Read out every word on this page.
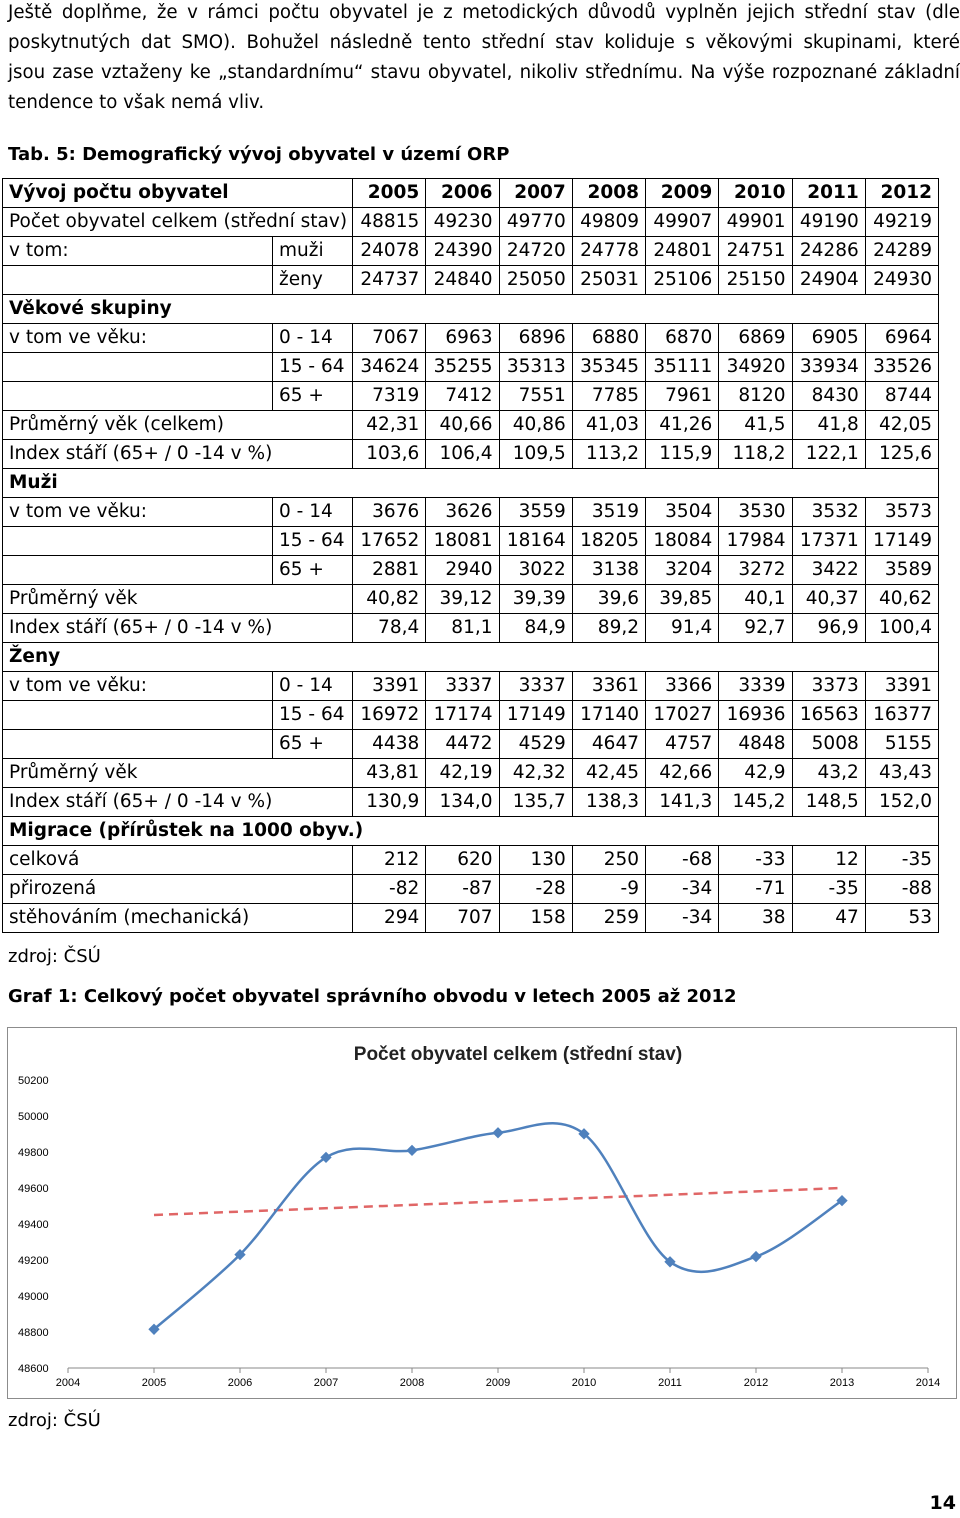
Ještě doplňme, že v rámci počtu obyvatel je z metodických důvodů vyplněn jejich střední stav (dle
poskytnutých dat SMO). Bohužel následně tento střední stav koliduje s věkovými skupinami, které
jsou zase vztaženy ke „standardnímu“ stavu obyvatel, nikoliv střednímu. Na výše rozpoznané základní
tendence to však nemá vliv.
Tab. 5: Demografický vývoj obyvatel v území ORP
Vývoj počtu obyvatel		2005	2006	2007	2008	2009	2010	2011	2012
Počet obyvatel celkem (střední stav)		48815	49230	49770	49809	49907	49901	49190	49219
v tom:	muži	24078	24390	24720	24778	24801	24751	24286	24289
	ženy	24737	24840	25050	25031	25106	25150	24904	24930
Věkové skupiny									
v tom ve věku:	0 - 14	7067	6963	6896	6880	6870	6869	6905	6964
	15 - 64	34624	35255	35313	35345	35111	34920	33934	33526
	65 +	7319	7412	7551	7785	7961	8120	8430	8744
Průměrný věk (celkem)		42,31	40,66	40,86	41,03	41,26	41,5	41,8	42,05
Index stáří (65+ / 0 -14 v %)		103,6	106,4	109,5	113,2	115,9	118,2	122,1	125,6
Muži									
v tom ve věku:	0 - 14	3676	3626	3559	3519	3504	3530	3532	3573
	15 - 64	17652	18081	18164	18205	18084	17984	17371	17149
	65 +	2881	2940	3022	3138	3204	3272	3422	3589
Průměrný věk		40,82	39,12	39,39	39,6	39,85	40,1	40,37	40,62
Index stáří (65+ / 0 -14 v %)		78,4	81,1	84,9	89,2	91,4	92,7	96,9	100,4
Ženy									
v tom ve věku:	0 - 14	3391	3337	3337	3361	3366	3339	3373	3391
	15 - 64	16972	17174	17149	17140	17027	16936	16563	16377
	65 +	4438	4472	4529	4647	4757	4848	5008	5155
Průměrný věk		43,81	42,19	42,32	42,45	42,66	42,9	43,2	43,43
Index stáří (65+ / 0 -14 v %)		130,9	134,0	135,7	138,3	141,3	145,2	148,5	152,0
Migrace (přírůstek na 1000 obyv.)									
celková		212	620	130	250	-68	-33	12	-35
přirozená		-82	-87	-28	-9	-34	-71	-35	-88
stěhováním (mechanická)		294	707	158	259	-34	38	47	53
zdroj: ČSÚ
Graf 1: Celkový počet obyvatel správního obvodu v letech 2005 až 2012
Počet obyvatel celkem (střední stav)
48600
48800
49000
49200
49400
49600
49800
50000
50200
2004	2005	2006	2007	2008	2009	2010	2011	2012	2013	2014
zdroj: ČSÚ
14
